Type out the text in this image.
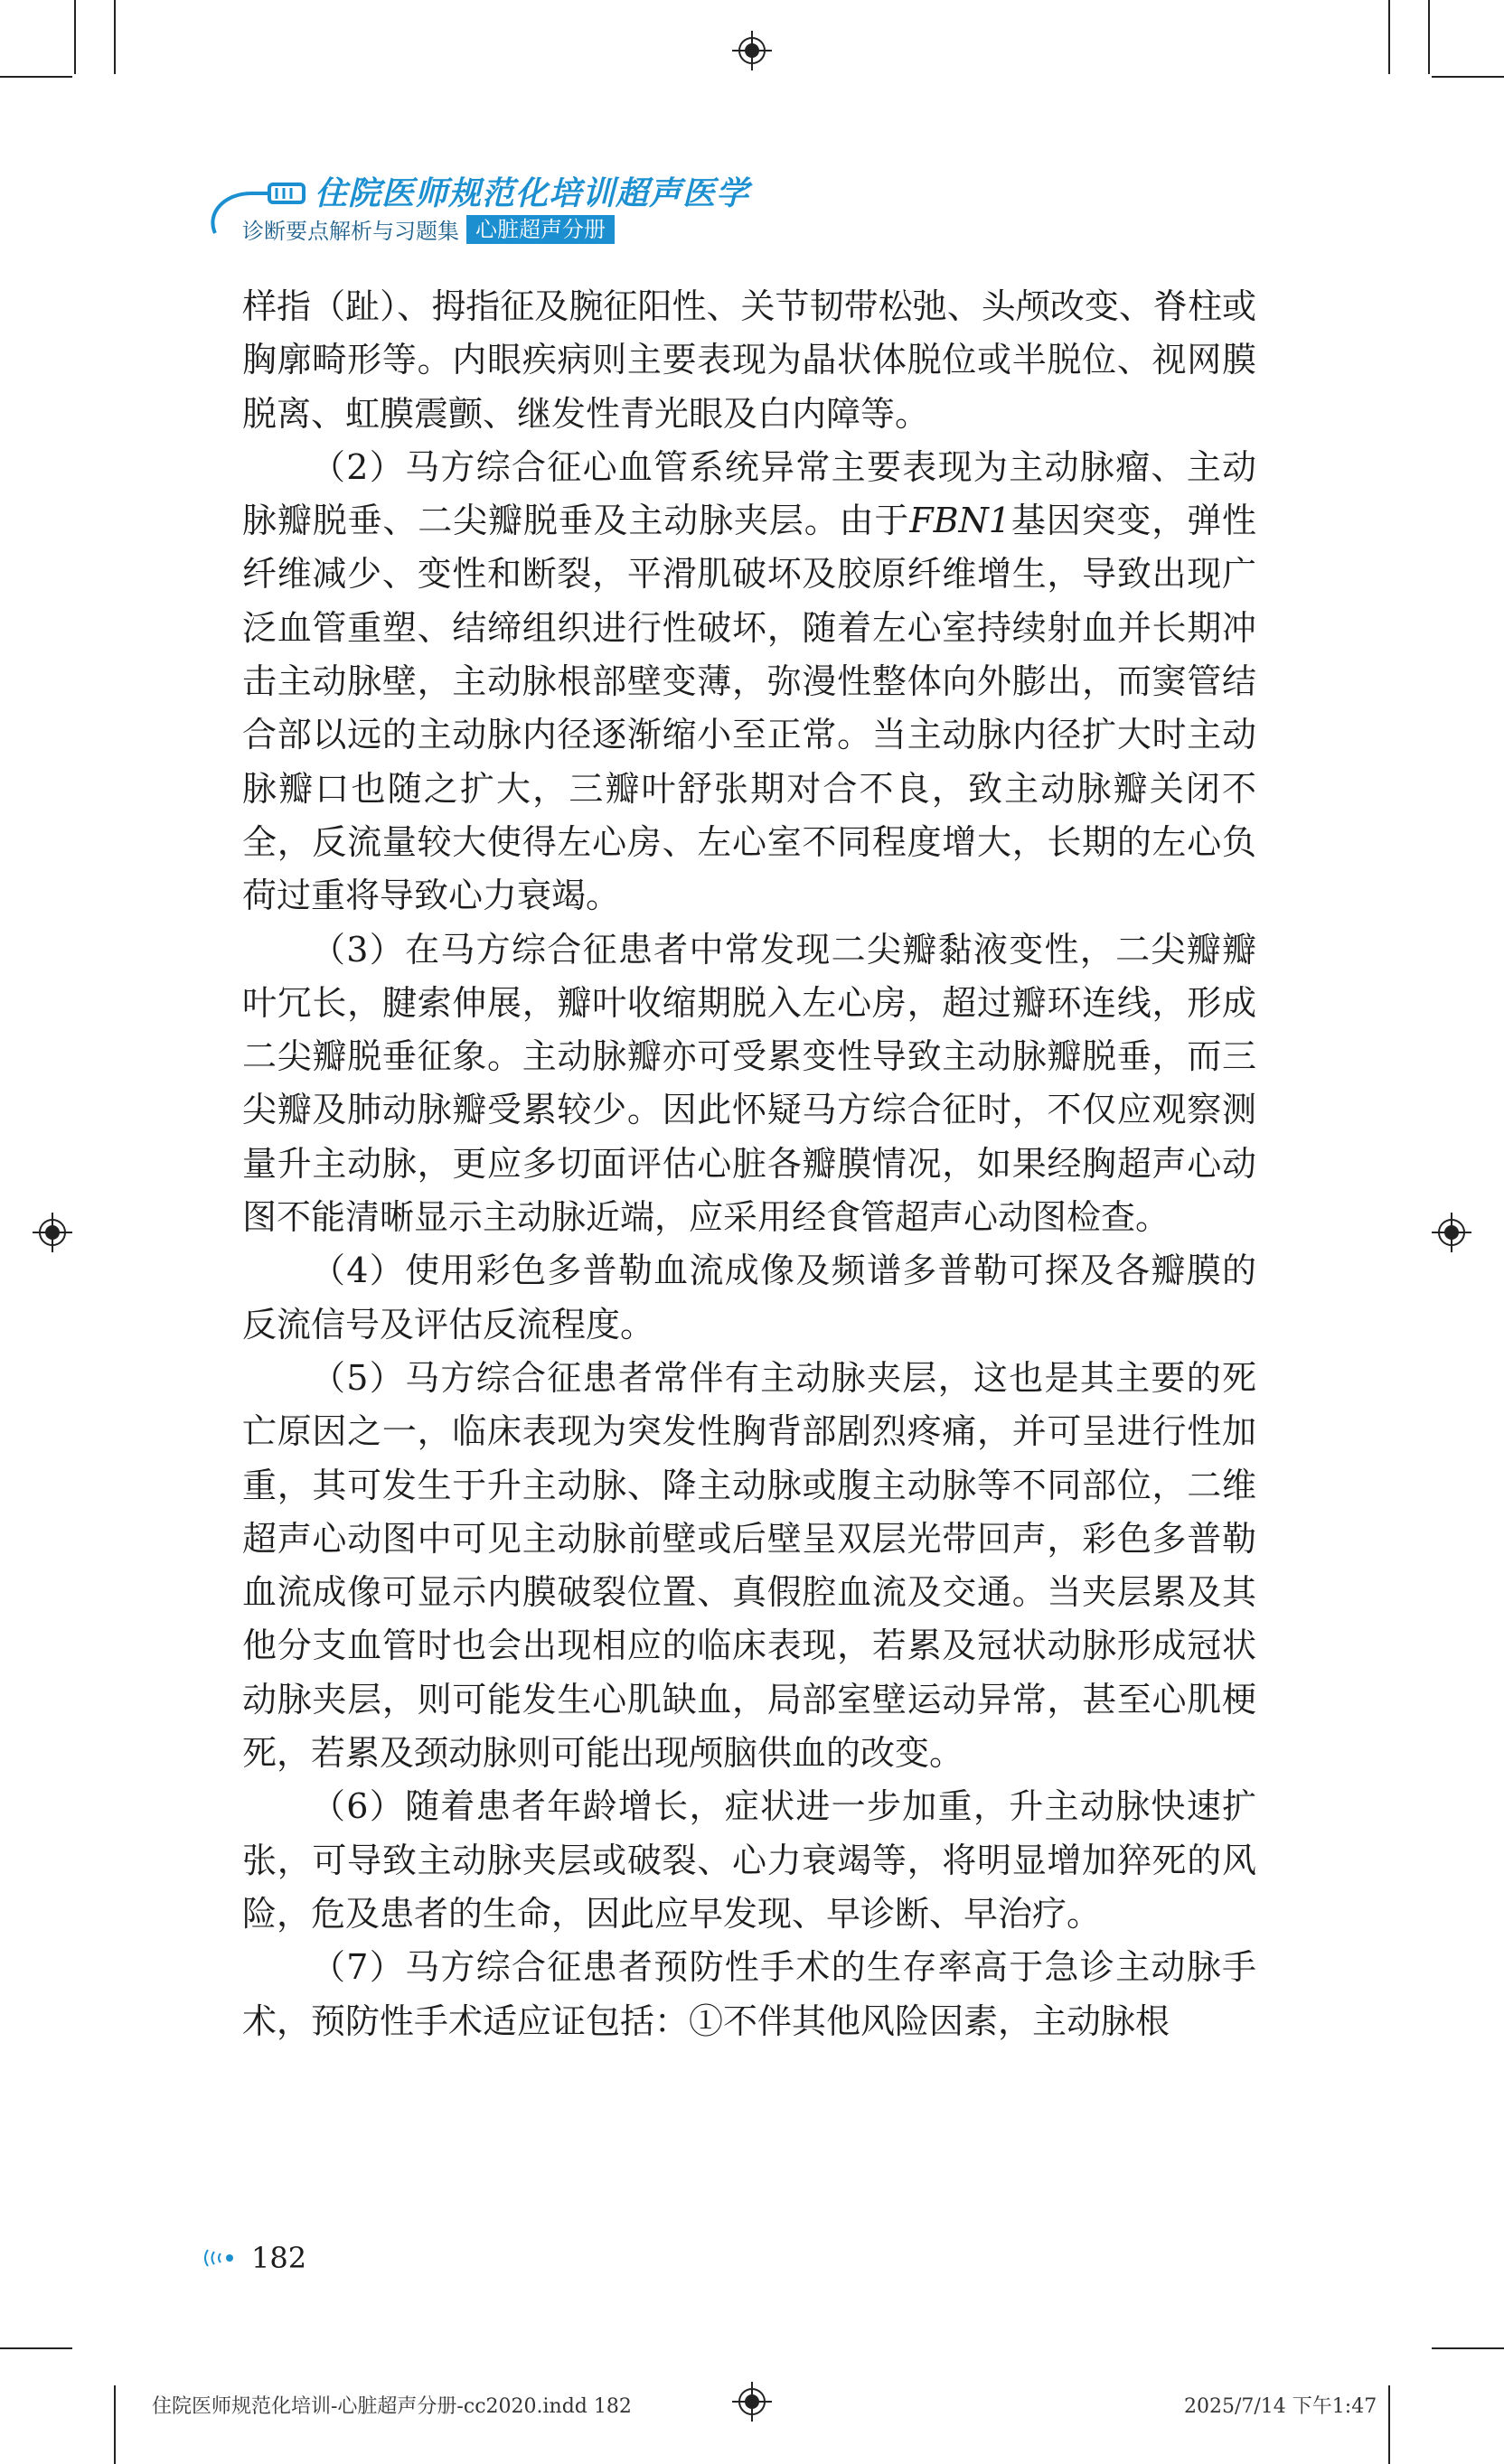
住院医师规范化培训超声医学
诊断要点解析与习题集 心脏超声分册

样指（趾）、拇指征及腕征阳性、关节韧带松弛、头颅改变、脊柱或胸廓畸形等。内眼疾病则主要表现为晶状体脱位或半脱位、视网膜脱离、虹膜震颤、继发性青光眼及白内障等。

（2）马方综合征心血管系统异常主要表现为主动脉瘤、主动脉瓣脱垂、二尖瓣脱垂及主动脉夹层。由于FBN1基因突变，弹性纤维减少、变性和断裂，平滑肌破坏及胶原纤维增生，导致出现广泛血管重塑、结缔组织进行性破坏，随着左心室持续射血并长期冲击主动脉壁，主动脉根部壁变薄，弥漫性整体向外膨出，而窦管结合部以远的主动脉内径逐渐缩小至正常。当主动脉内径扩大时主动脉瓣口也随之扩大，三瓣叶舒张期对合不良，致主动脉瓣关闭不全，反流量较大使得左心房、左心室不同程度增大，长期的左心负荷过重将导致心力衰竭。

（3）在马方综合征患者中常发现二尖瓣黏液变性，二尖瓣瓣叶冗长，腱索伸展，瓣叶收缩期脱入左心房，超过瓣环连线，形成二尖瓣脱垂征象。主动脉瓣亦可受累变性导致主动脉瓣脱垂，而三尖瓣及肺动脉瓣受累较少。因此怀疑马方综合征时，不仅应观察测量升主动脉，更应多切面评估心脏各瓣膜情况，如果经胸超声心动图不能清晰显示主动脉近端，应采用经食管超声心动图检查。

（4）使用彩色多普勒血流成像及频谱多普勒可探及各瓣膜的反流信号及评估反流程度。

（5）马方综合征患者常伴有主动脉夹层，这也是其主要的死亡原因之一，临床表现为突发性胸背部剧烈疼痛，并可呈进行性加重，其可发生于升主动脉、降主动脉或腹主动脉等不同部位，二维超声心动图中可见主动脉前壁或后壁呈双层光带回声，彩色多普勒血流成像可显示内膜破裂位置、真假腔血流及交通。当夹层累及其他分支血管时也会出现相应的临床表现，若累及冠状动脉形成冠状动脉夹层，则可能发生心肌缺血，局部室壁运动异常，甚至心肌梗死，若累及颈动脉则可能出现颅脑供血的改变。

（6）随着患者年龄增长，症状进一步加重，升主动脉快速扩张，可导致主动脉夹层或破裂、心力衰竭等，将明显增加猝死的风险，危及患者的生命，因此应早发现、早诊断、早治疗。

（7）马方综合征患者预防性手术的生存率高于急诊主动脉手术，预防性手术适应证包括：①不伴其他风险因素，主动脉根

182
住院医师规范化培训-心脏超声分册-cc2020.indd 182	2025/7/14 下午1:47
